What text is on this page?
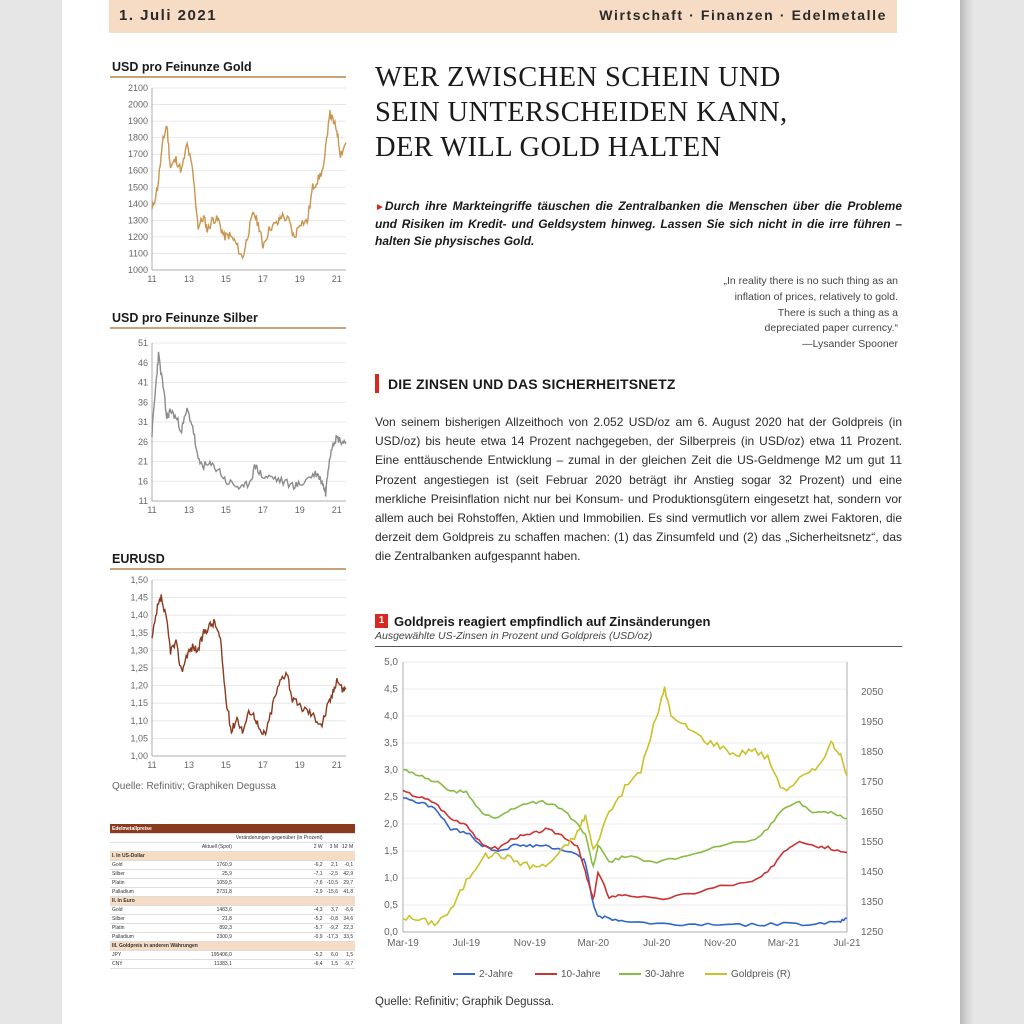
1. Juli 2021	Wirtschaft · Finanzen · Edelmetalle
USD pro Feinunze Gold
1000
1100
1200
1300
1400
1500
1600
1700
1800
1900
2000
2100
11	13	15	17	19	21
USD pro Feinunze Silber
11
16
21
26
31
36
41
46
51
11	13	15	17	19	21
EURUSD
1,00
1,05
1,10
1,15
1,20
1,25
1,30
1,35
1,40
1,45
1,50
11	13	15	17	19	21
Quelle: Refinitiv; Graphiken Degussa
Edelmetallpreise				
		Veränderungen gegenüber (in Prozent)		
	Aktuell (Spot)	2 W	3 M	12 M
I. In US-Dollar				
Gold	1760,9	-6,2	2,1	-0,1
Silber	25,9	-7,1	-2,5	42,9
Platin	1059,5	-7,6	-10,5	29,7
Palladium	2731,8	-2,9	-15,6	41,8
II. In Euro				
Gold	1483,6	-4,3	3,7	-6,6
Silber	21,8	-5,2	-0,8	34,6
Platin	892,3	-5,7	-9,2	22,3
Palladium	2300,9	-0,9	-17,3	33,5
III. Goldpreis in anderen Währungen				
JPY	195406,0	-5,2	6,0	1,5
CNY	11383,1	-6,4	1,5	-9,7
WER ZWISCHEN SCHEIN UND
SEIN UNTERSCHEIDEN KANN,
DER WILL GOLD HALTEN
►Durch ihre Markteingriffe täuschen die Zentralbanken die Menschen über die Probleme und Risiken im Kredit- und Geldsystem hinweg. Lassen Sie sich nicht in die irre führen – halten Sie physisches Gold.
„In reality there is no such thing as an
inflation of prices, relatively to gold.
There is such a thing as a
depreciated paper currency.“
—Lysander Spooner
DIE ZINSEN UND DAS SICHERHEITSNETZ
Von seinem bisherigen Allzeithoch von 2.052 USD/oz am 6. August 2020 hat der Goldpreis (in USD/oz) bis heute etwa 14 Prozent nachgegeben, der Silberpreis (in USD/oz) etwa 11 Prozent. Eine enttäuschende Entwicklung – zumal in der gleichen Zeit die US-Geldmenge M2 um gut 11 Prozent angestiegen ist (seit Februar 2020 beträgt ihr Anstieg sogar 32 Prozent) und eine merkliche Preisinflation nicht nur bei Konsum- und Produktionsgütern eingesetzt hat, sondern vor allem auch bei Rohstoffen, Aktien und Immobilien. Es sind vermutlich vor allem zwei Faktoren, die derzeit dem Goldpreis zu schaffen machen: (1) das Zinsumfeld und (2) das „Sicherheitsnetz“, das die Zentralbanken aufgespannt haben.
1 Goldpreis reagiert empfindlich auf Zinsänderungen
Ausgewählte US-Zinsen in Prozent und Goldpreis (USD/oz)
0,0
0,5
1,0
1,5
2,0
2,5
3,0
3,5
4,0
4,5
5,0
1250
1350
1450
1550
1650
1750
1850
1950
2050
Mar-19	Jul-19	Nov-19	Mar-20	Jul-20	Nov-20	Mar-21	Jul-21
2-Jahre	10-Jahre	30-Jahre	Goldpreis (R)
Quelle: Refinitiv; Graphik Degussa.
